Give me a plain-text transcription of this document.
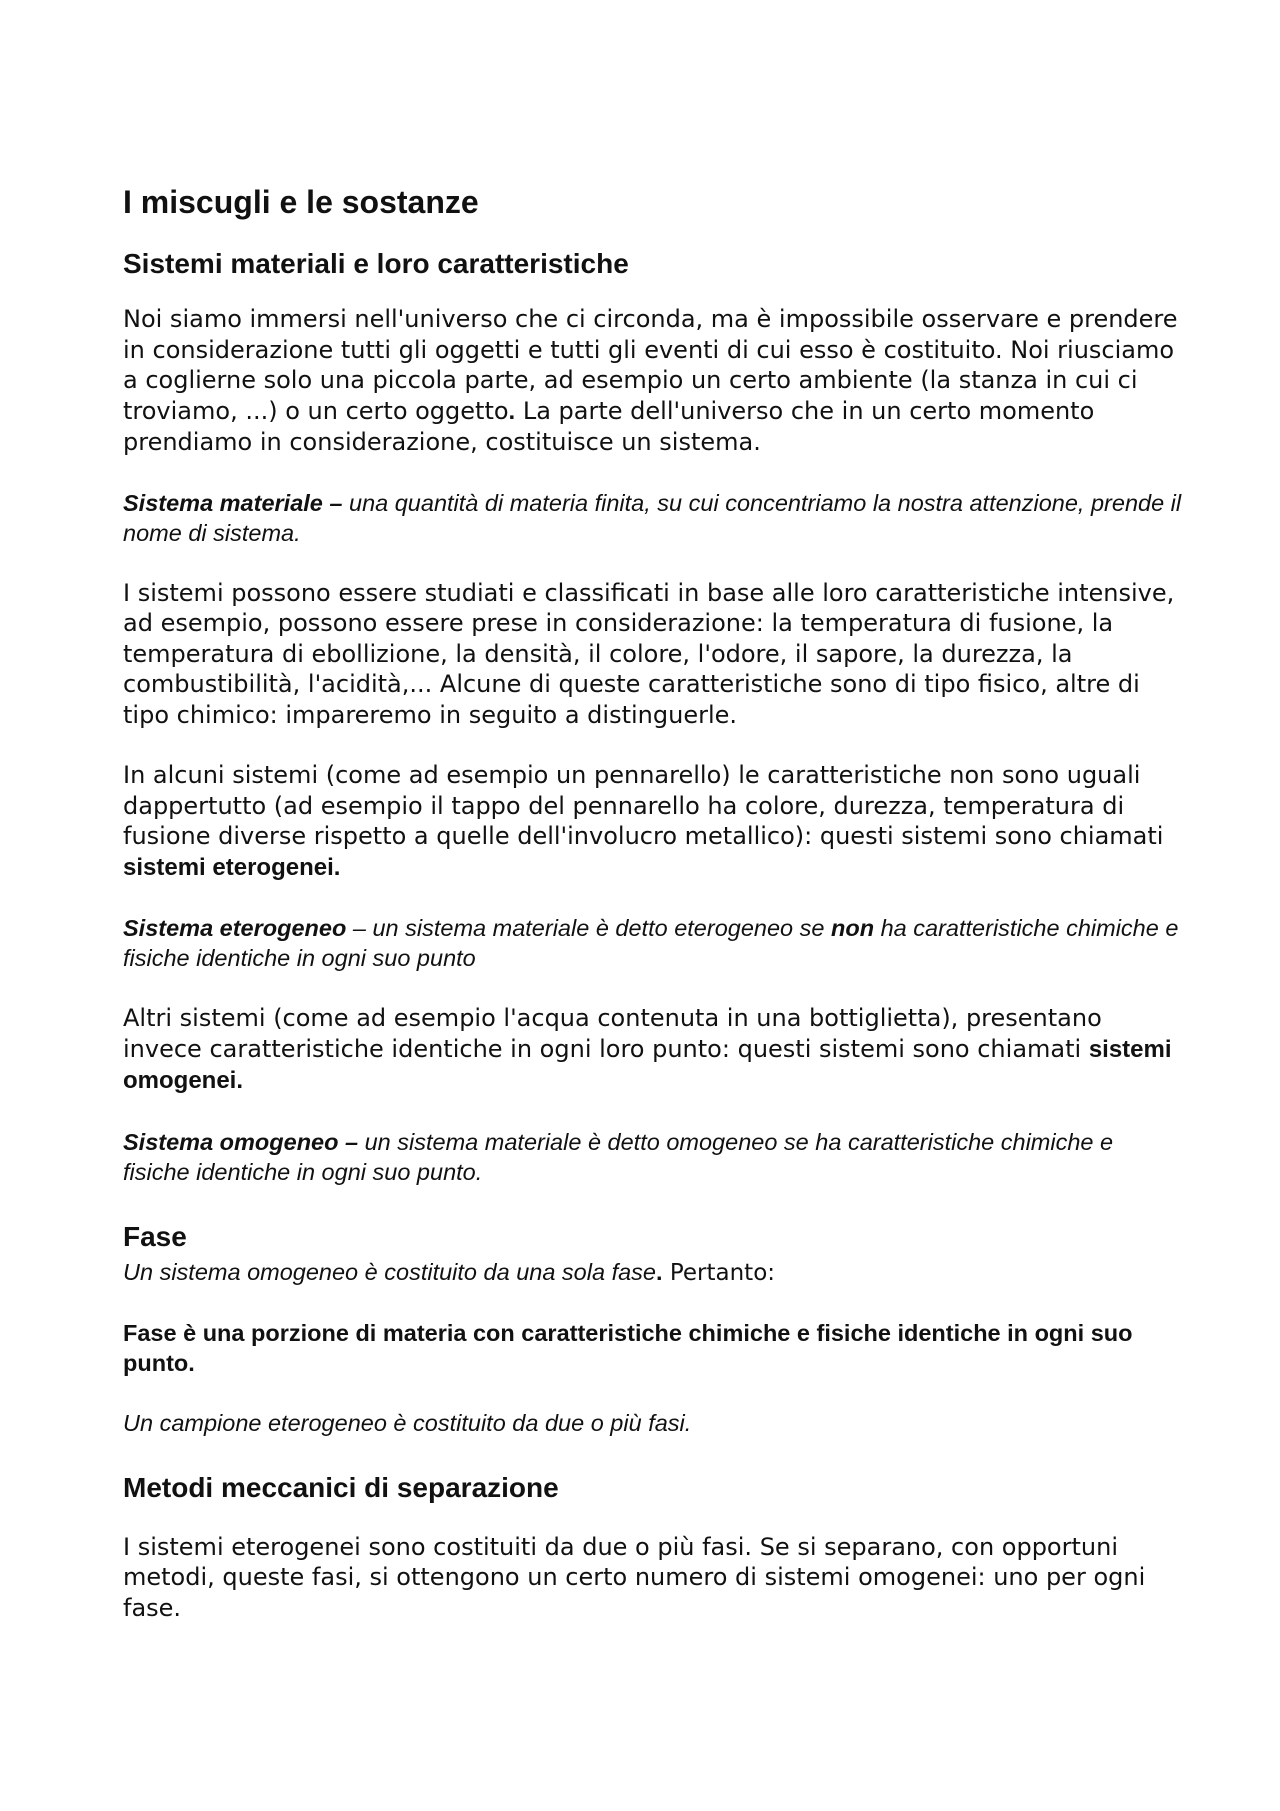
I miscugli e le sostanze
Sistemi materiali e loro caratteristiche

Noi siamo immersi nell'universo che ci circonda, ma è impossibile osservare e prendere in considerazione tutti gli oggetti e tutti gli eventi di cui esso è costituito. Noi riusciamo a coglierne solo una piccola parte, ad esempio un certo ambiente (la stanza in cui ci troviamo, ...) o un certo oggetto. La parte dell'universo che in un certo momento prendiamo in considerazione, costituisce un sistema.

Sistema materiale – una quantità di materia finita, su cui concentriamo la nostra attenzione, prende il nome di sistema.

I sistemi possono essere studiati e classificati in base alle loro caratteristiche intensive, ad esempio, possono essere prese in considerazione: la temperatura di fusione, la temperatura di ebollizione, la densità, il colore, l'odore, il sapore, la durezza, la combustibilità, l'acidità,... Alcune di queste caratteristiche sono di tipo fisico, altre di tipo chimico: impareremo in seguito a distinguerle.

In alcuni sistemi (come ad esempio un pennarello) le caratteristiche non sono uguali dappertutto (ad esempio il tappo del pennarello ha colore, durezza, temperatura di fusione diverse rispetto a quelle dell'involucro metallico): questi sistemi sono chiamati sistemi eterogenei.

Sistema eterogeneo – un sistema materiale è detto eterogeneo se non ha caratteristiche chimiche e fisiche identiche in ogni suo punto

Altri sistemi (come ad esempio l'acqua contenuta in una bottiglietta), presentano invece caratteristiche identiche in ogni loro punto: questi sistemi sono chiamati sistemi omogenei.

Sistema omogeneo – un sistema materiale è detto omogeneo se ha caratteristiche chimiche e fisiche identiche in ogni suo punto.

Fase

Un sistema omogeneo è costituito da una sola fase. Pertanto:

Fase è una porzione di materia con caratteristiche chimiche e fisiche identiche in ogni suo punto.

Un campione eterogeneo è costituito da due o più fasi.

Metodi meccanici di separazione

I sistemi eterogenei sono costituiti da due o più fasi. Se si separano, con opportuni metodi, queste fasi, si ottengono un certo numero di sistemi omogenei: uno per ogni fase.
